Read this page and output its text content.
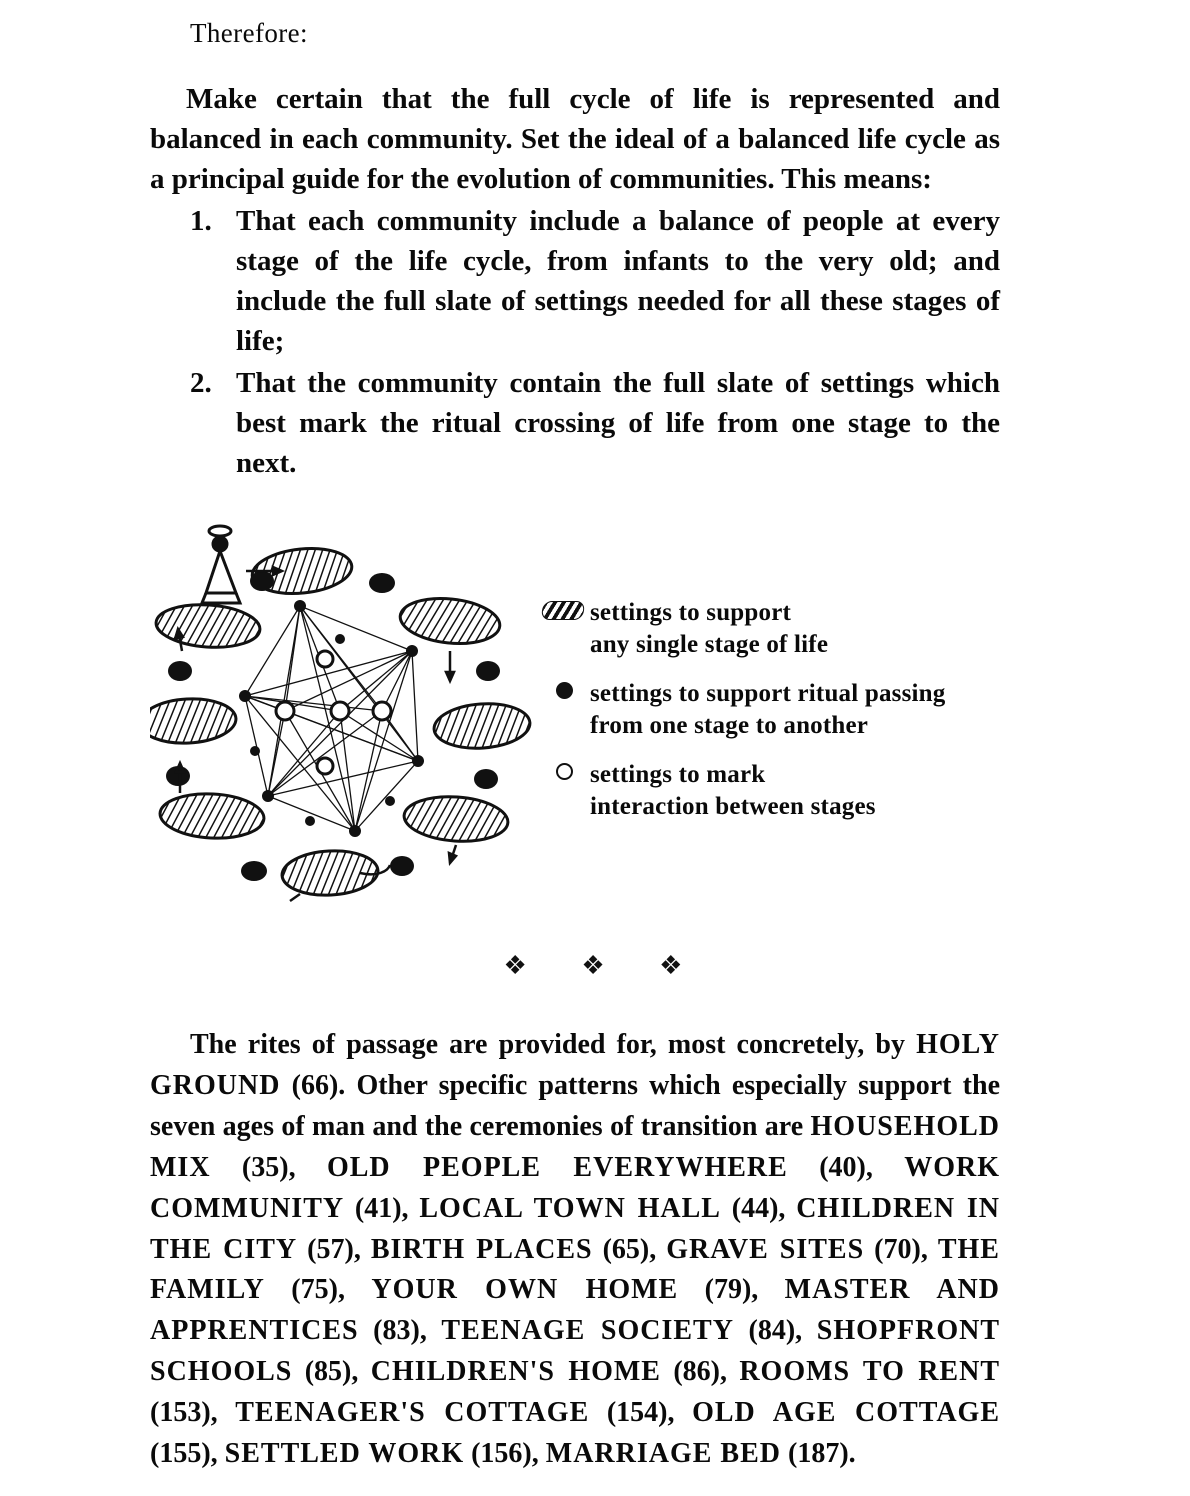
Therefore:
Make certain that the full cycle of life is represented and balanced in each community. Set the ideal of a balanced life cycle as a principal guide for the evolution of communities. This means:
1. That each community include a balance of people at every stage of the life cycle, from infants to the very old; and include the full slate of settings needed for all these stages of life;
2. That the community contain the full slate of settings which best mark the ritual crossing of life from one stage to the next.
settings to support
any single stage of life
settings to support ritual passing
from one stage to another
settings to mark
interaction between stages
❖ ❖ ❖
The rites of passage are provided for, most concretely, by HOLY GROUND (66). Other specific patterns which especially support the seven ages of man and the ceremonies of transition are HOUSEHOLD MIX (35), OLD PEOPLE EVERYWHERE (40), WORK COMMUNITY (41), LOCAL TOWN HALL (44), CHILDREN IN THE CITY (57), BIRTH PLACES (65), GRAVE SITES (70), THE FAMILY (75), YOUR OWN HOME (79), MASTER AND APPRENTICES (83), TEENAGE SOCIETY (84), SHOPFRONT SCHOOLS (85), CHILDREN'S HOME (86), ROOMS TO RENT (153), TEENAGER'S COTTAGE (154), OLD AGE COTTAGE (155), SETTLED WORK (156), MARRIAGE BED (187).
